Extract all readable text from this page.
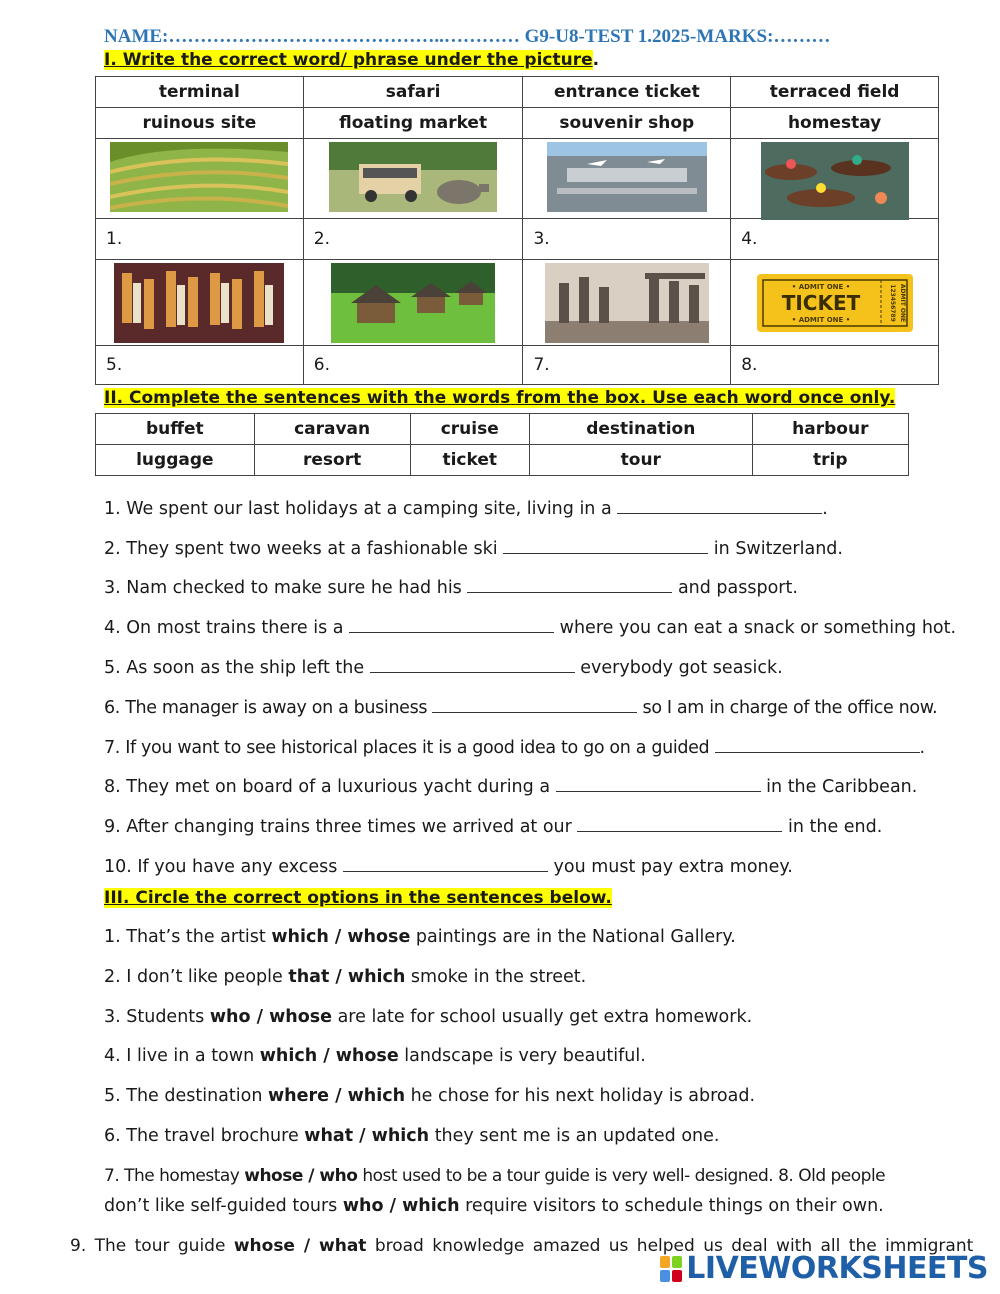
NAME:……………………………………..………… G9-U8-TEST 1.2025-MARKS:………
I. Write the correct word/ phrase under the picture.
terminal	safari	entrance ticket	terraced field
ruinous site	floating market	souvenir shop	homestay

1.	2.	3.	4.

• ADMIT ONE •
TICKET
• ADMIT ONE • 123456789 ADMIT ONE

5.	6.	7.	8.
II. Complete the sentences with the words from the box. Use each word once only.
buffet	caravan	cruise	destination	harbour
luggage	resort	ticket	tour	trip
1. We spent our last holidays at a camping site, living in a	.
2. They spent two weeks at a fashionable ski	in Switzerland.
3. Nam checked to make sure he had his	and passport.
4. On most trains there is a	where you can eat a snack or something hot.
5. As soon as the ship left the	everybody got seasick.
6. The manager is away on a business	so I am in charge of the office now.
7. If you want to see historical places it is a good idea to go on a guided	.
8. They met on board of a luxurious yacht during a	in the Caribbean.
9. After changing trains three times we arrived at our	in the end.
10. If you have any excess	you must pay extra money.
III. Circle the correct options in the sentences below.
1. That’s the artist which / whose paintings are in the National Gallery.
2. I don’t like people that / which smoke in the street.
3. Students who / whose are late for school usually get extra homework.
4. I live in a town which / whose landscape is very beautiful.
5. The destination where / which he chose for his next holiday is abroad.
6. The travel brochure what / which they sent me is an updated one.
7. The homestay whose / who host used to be a tour guide is very well- designed. 8. Old people
don’t like self-guided tours who / which require visitors to schedule things on their own.
9. The tour guide whose / what broad knowledge amazed us helped us deal with all the immigrant
LIVEWORKSHEETS
